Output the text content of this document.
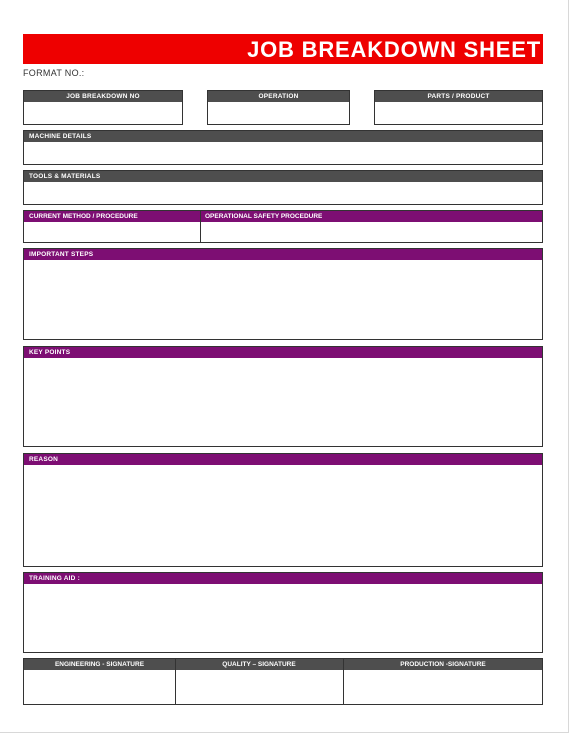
JOB BREAKDOWN SHEET
FORMAT NO.:
JOB BREAKDOWN NO	OPERATION	PARTS / PRODUCT
MACHINE DETAILS
TOOLS & MATERIALS
CURRENT METHOD / PROCEDURE	OPERATIONAL SAFETY PROCEDURE
IMPORTANT STEPS
KEY POINTS
REASON
TRAINING AID :
ENGINEERING - SIGNATURE	QUALITY – SIGNATURE	PRODUCTION -SIGNATURE
